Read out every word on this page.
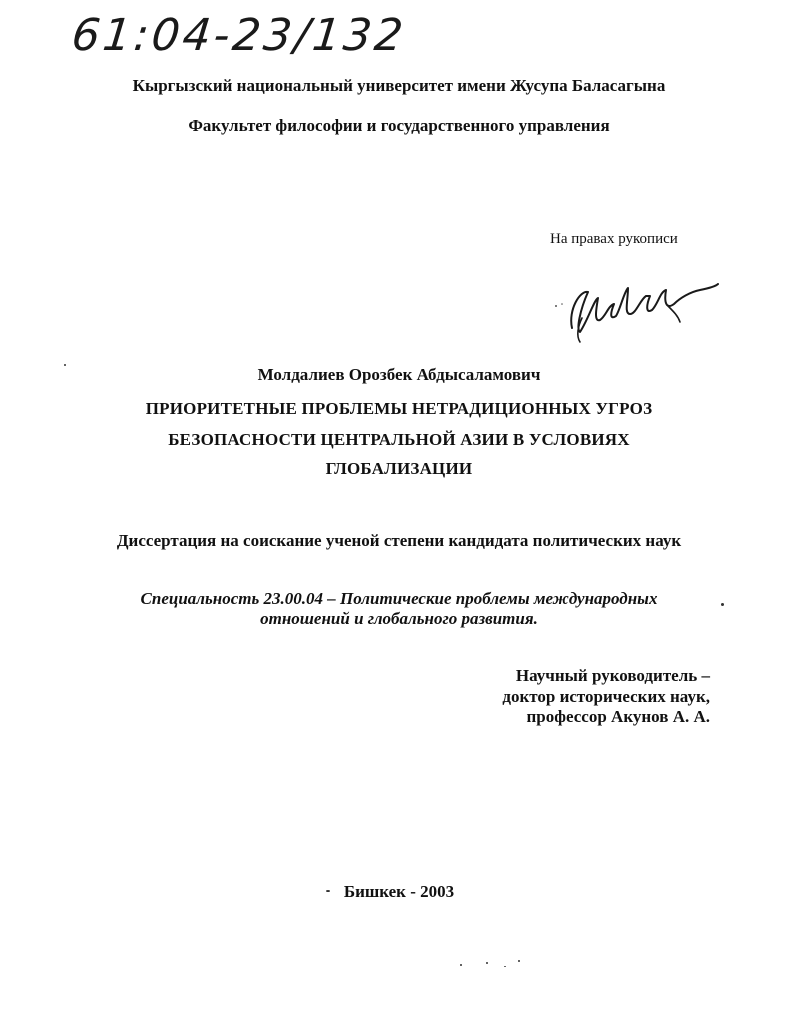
61:04-23/132
Кыргызский национальный университет имени Жусупа Баласагына
Факультет философии и государственного управления
На правах рукописи
Молдалиев Орозбек Абдысаламович
ПРИОРИТЕТНЫЕ ПРОБЛЕМЫ НЕТРАДИЦИОННЫХ УГРОЗ
БЕЗОПАСНОСТИ ЦЕНТРАЛЬНОЙ АЗИИ В УСЛОВИЯХ
ГЛОБАЛИЗАЦИИ
Диссертация на соискание ученой степени кандидата политических наук
Специальность 23.00.04 – Политические проблемы международных
отношений и глобального развития.
Научный руководитель –
доктор исторических наук,
профессор Акунов А. А.
Бишкек - 2003
